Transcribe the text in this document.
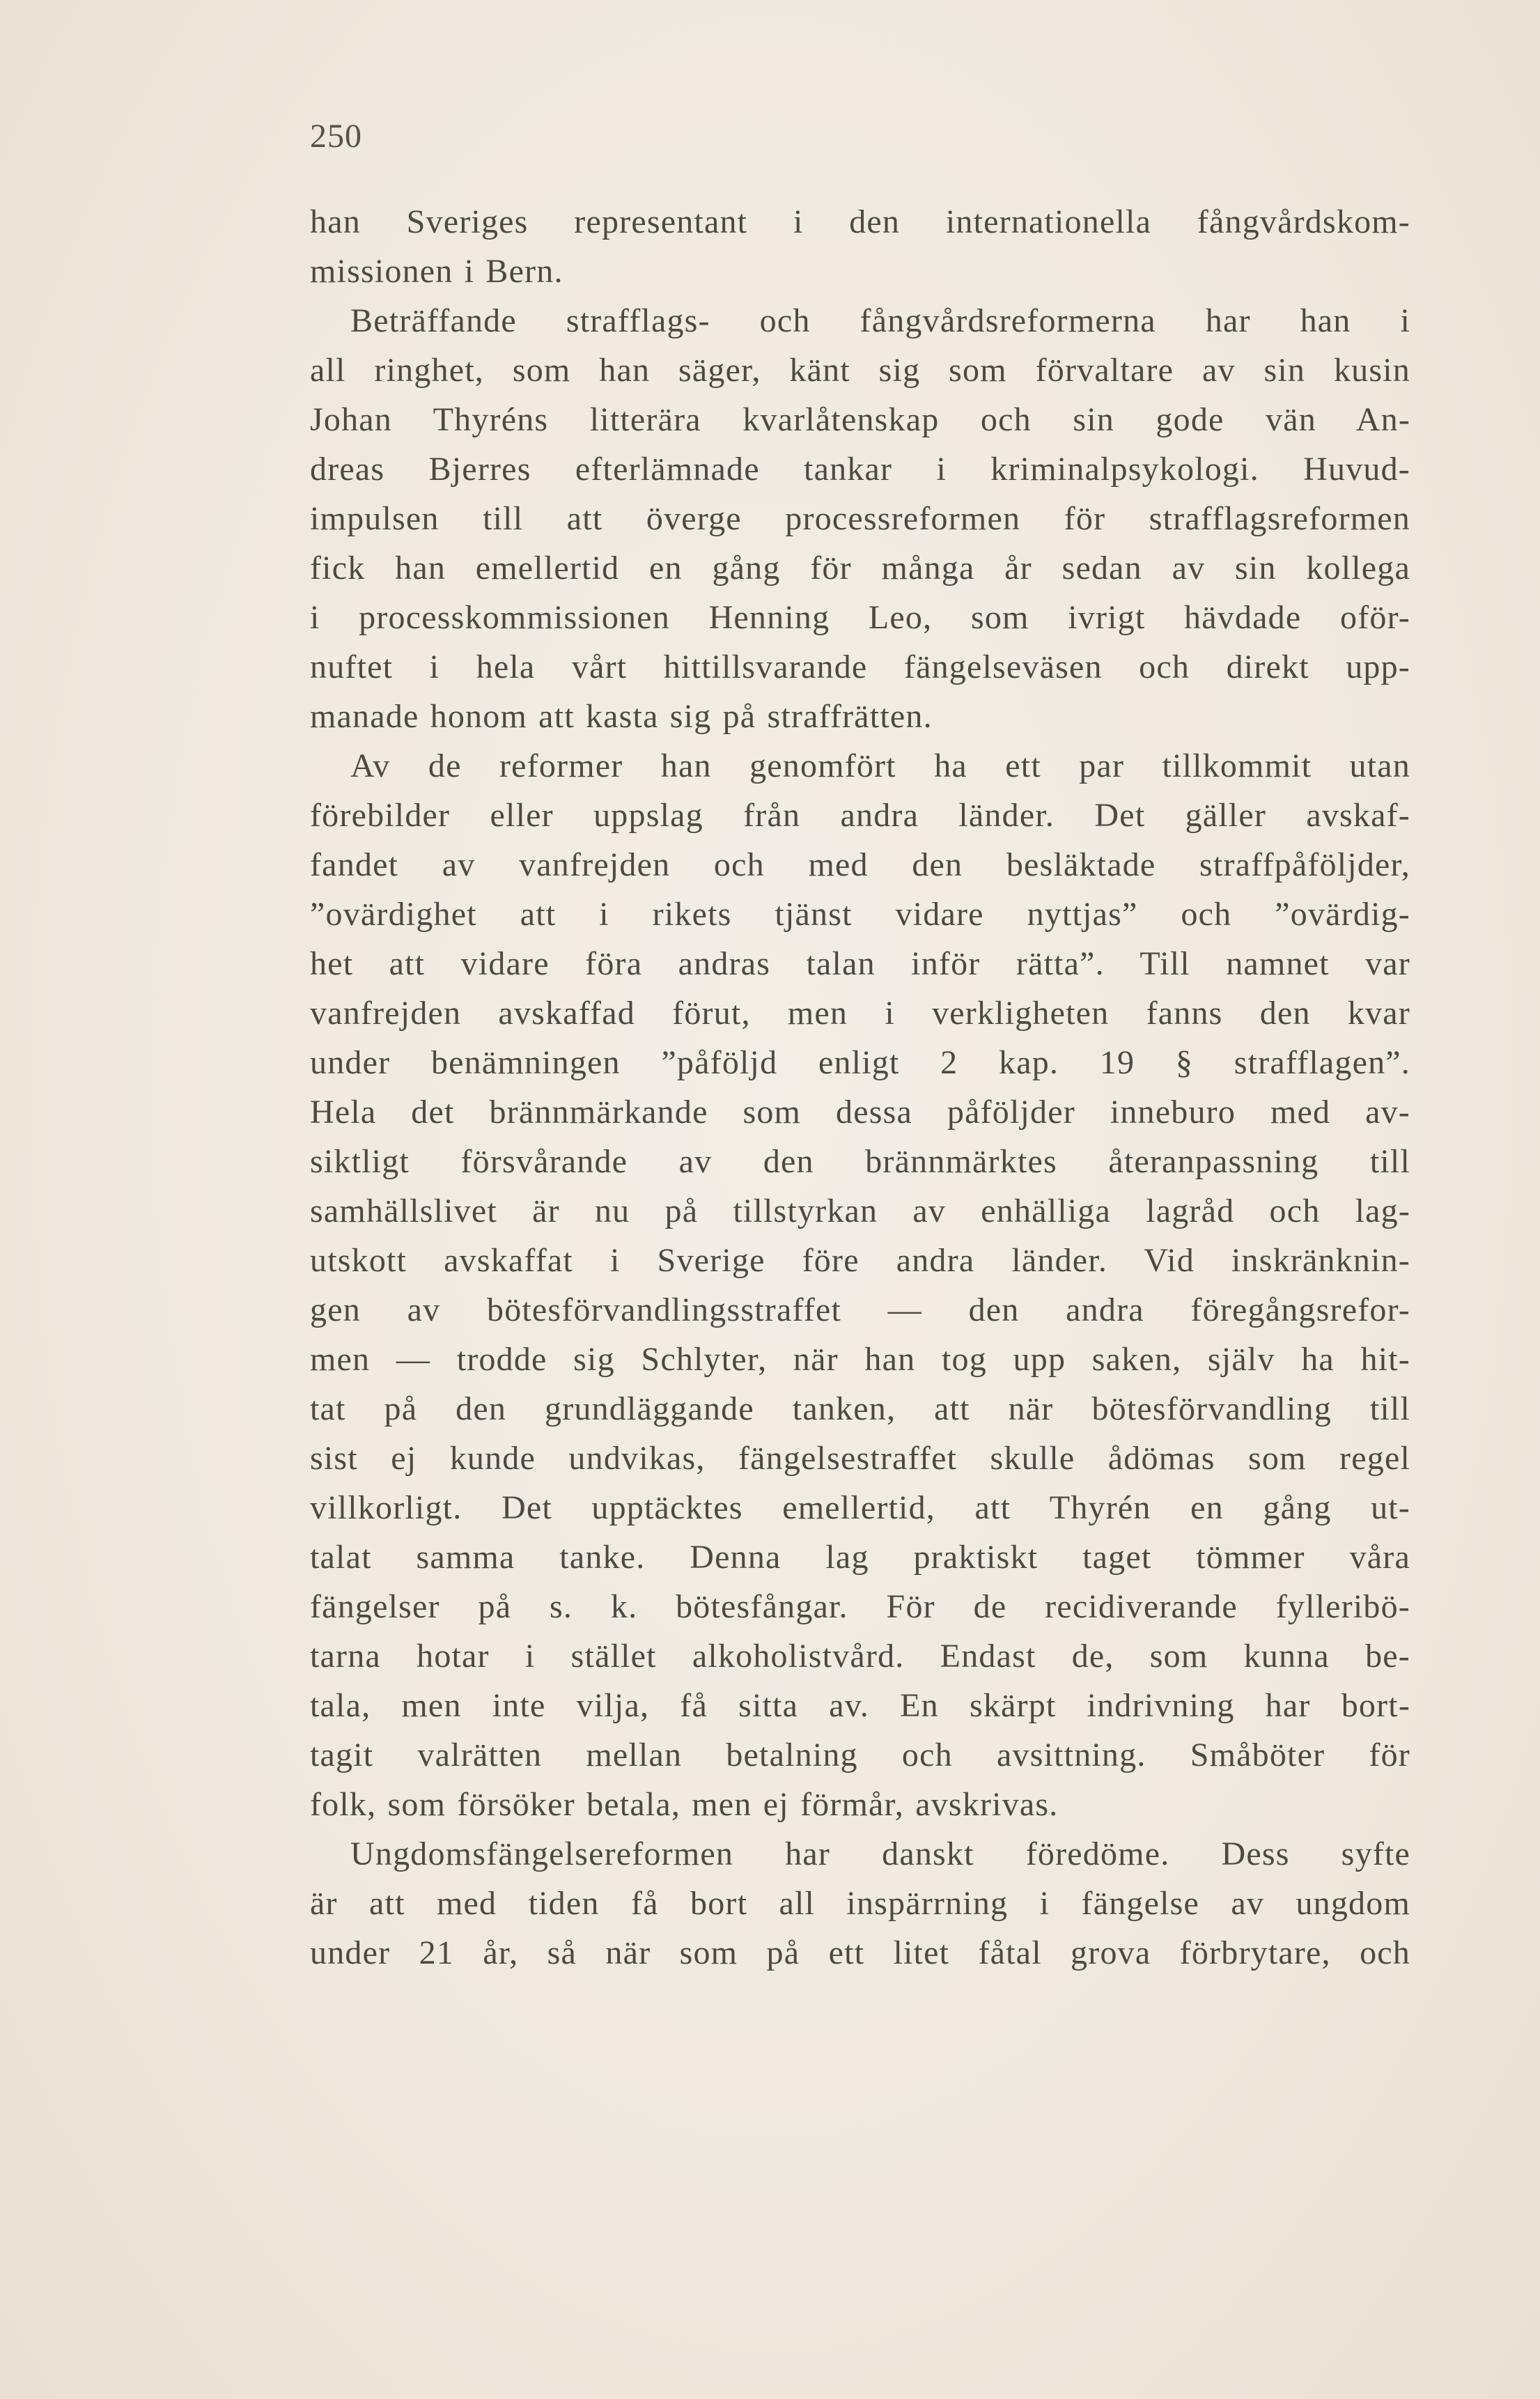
250
han Sveriges representant i den internationella fångvårdskom-
missionen i Bern.
Beträffande strafflags- och fångvårdsreformerna har han i
all ringhet, som han säger, känt sig som förvaltare av sin kusin
Johan Thyréns litterära kvarlåtenskap och sin gode vän An-
dreas Bjerres efterlämnade tankar i kriminalpsykologi. Huvud-
impulsen till att överge processreformen för strafflagsreformen
fick han emellertid en gång för många år sedan av sin kollega
i processkommissionen Henning Leo, som ivrigt hävdade oför-
nuftet i hela vårt hittillsvarande fängelseväsen och direkt upp-
manade honom att kasta sig på straffrätten.
Av de reformer han genomfört ha ett par tillkommit utan
förebilder eller uppslag från andra länder. Det gäller avskaf-
fandet av vanfrejden och med den besläktade straffpåföljder,
”ovärdighet att i rikets tjänst vidare nyttjas” och ”ovärdig-
het att vidare föra andras talan inför rätta”. Till namnet var
vanfrejden avskaffad förut, men i verkligheten fanns den kvar
under benämningen ”påföljd enligt 2 kap. 19 § strafflagen”.
Hela det brännmärkande som dessa påföljder inneburo med av-
siktligt försvårande av den brännmärktes återanpassning till
samhällslivet är nu på tillstyrkan av enhälliga lagråd och lag-
utskott avskaffat i Sverige före andra länder. Vid inskränknin-
gen av bötesförvandlingsstraffet — den andra föregångsrefor-
men — trodde sig Schlyter, när han tog upp saken, själv ha hit-
tat på den grundläggande tanken, att när bötesförvandling till
sist ej kunde undvikas, fängelsestraffet skulle ådömas som regel
villkorligt. Det upptäcktes emellertid, att Thyrén en gång ut-
talat samma tanke. Denna lag praktiskt taget tömmer våra
fängelser på s. k. bötesfångar. För de recidiverande fylleribö-
tarna hotar i stället alkoholistvård. Endast de, som kunna be-
tala, men inte vilja, få sitta av. En skärpt indrivning har bort-
tagit valrätten mellan betalning och avsittning. Småböter för
folk, som försöker betala, men ej förmår, avskrivas.
Ungdomsfängelsereformen har danskt föredöme. Dess syfte
är att med tiden få bort all inspärrning i fängelse av ungdom
under 21 år, så när som på ett litet fåtal grova förbrytare, och
